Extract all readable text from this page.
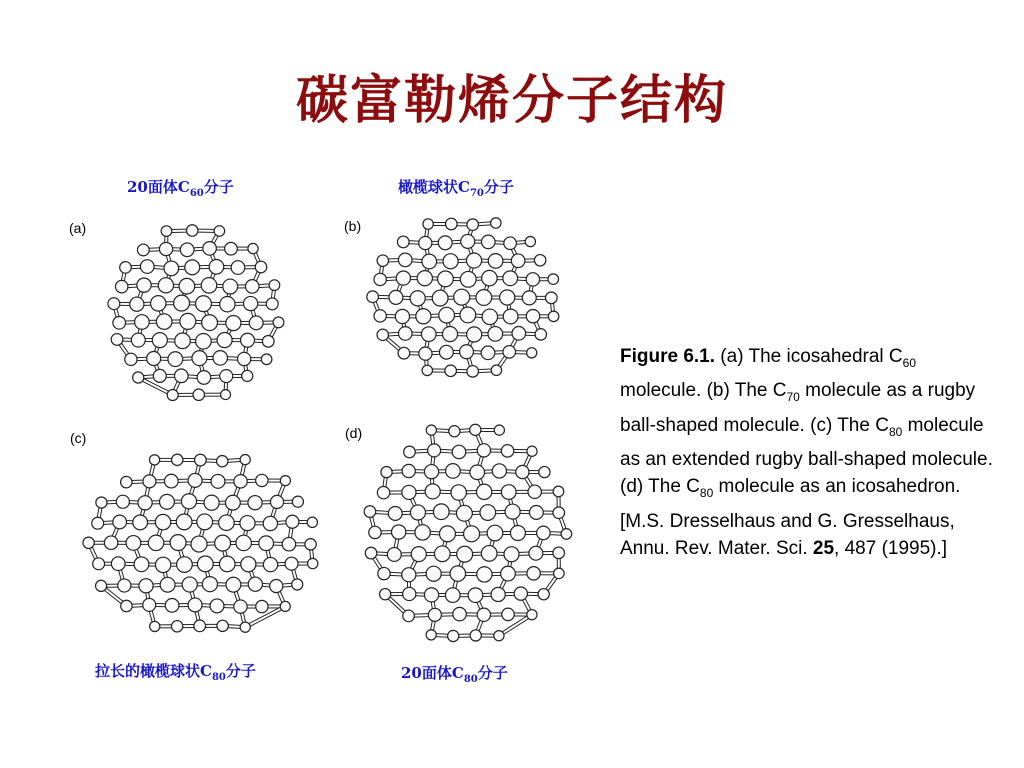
碳富勒烯分子结构
20面体$C_{60}$分子	橄榄球状$C_{70}$分子
拉长的橄榄球状$C_{80}$分子	20面体$C_{80}$分子
(a)	(b)
(c)	(d)
Figure 6.1. (a) The icosahedral $C_{60}$ molecule. (b) The $C_{70}$ molecule as a rugby ball-shaped molecule. (c) The $C_{80}$ molecule as an extended rugby ball-shaped molecule. (d) The $C_{80}$ molecule as an icosahedron.
[M.S. Dresselhaus and G. Gresselhaus, Annu. Rev. Mater. Sci. 25, 487 (1995).]
